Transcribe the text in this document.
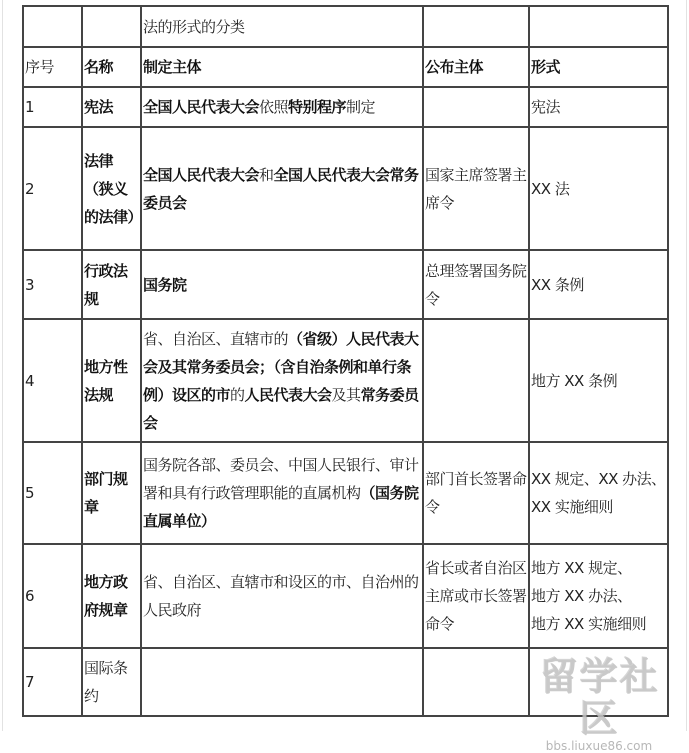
		法的形式的分类		
序号	名称	制定主体	公布主体	形式
1	宪法	全国人民代表大会依照特别程序制定		宪法
2	法律（狭义的法律）	全国人民代表大会和全国人民代表大会常务委员会	国家主席签署主席令	XX 法
3	行政法规	国务院	总理签署国务院令	XX 条例
4	地方性法规	省、自治区、直辖市的（省级）人民代表大会及其常务委员会；（含自治条例和单行条例）设区的市的人民代表大会及其常务委员会		地方 XX 条例
5	部门规章	国务院各部、委员会、中国人民银行、审计署和具有行政管理职能的直属机构（国务院直属单位）	部门首长签署命令	XX 规定、XX 办法、
XX 实施细则

6	地方政府规章	省、自治区、直辖市和设区的市、自治州的人民政府	省长或者自治区主席或市长签署命令	地方 XX 规定、
地方 XX 办法、
地方 XX 实施细则

7	国际条约				留学社区
bbs.liuxue86.com
